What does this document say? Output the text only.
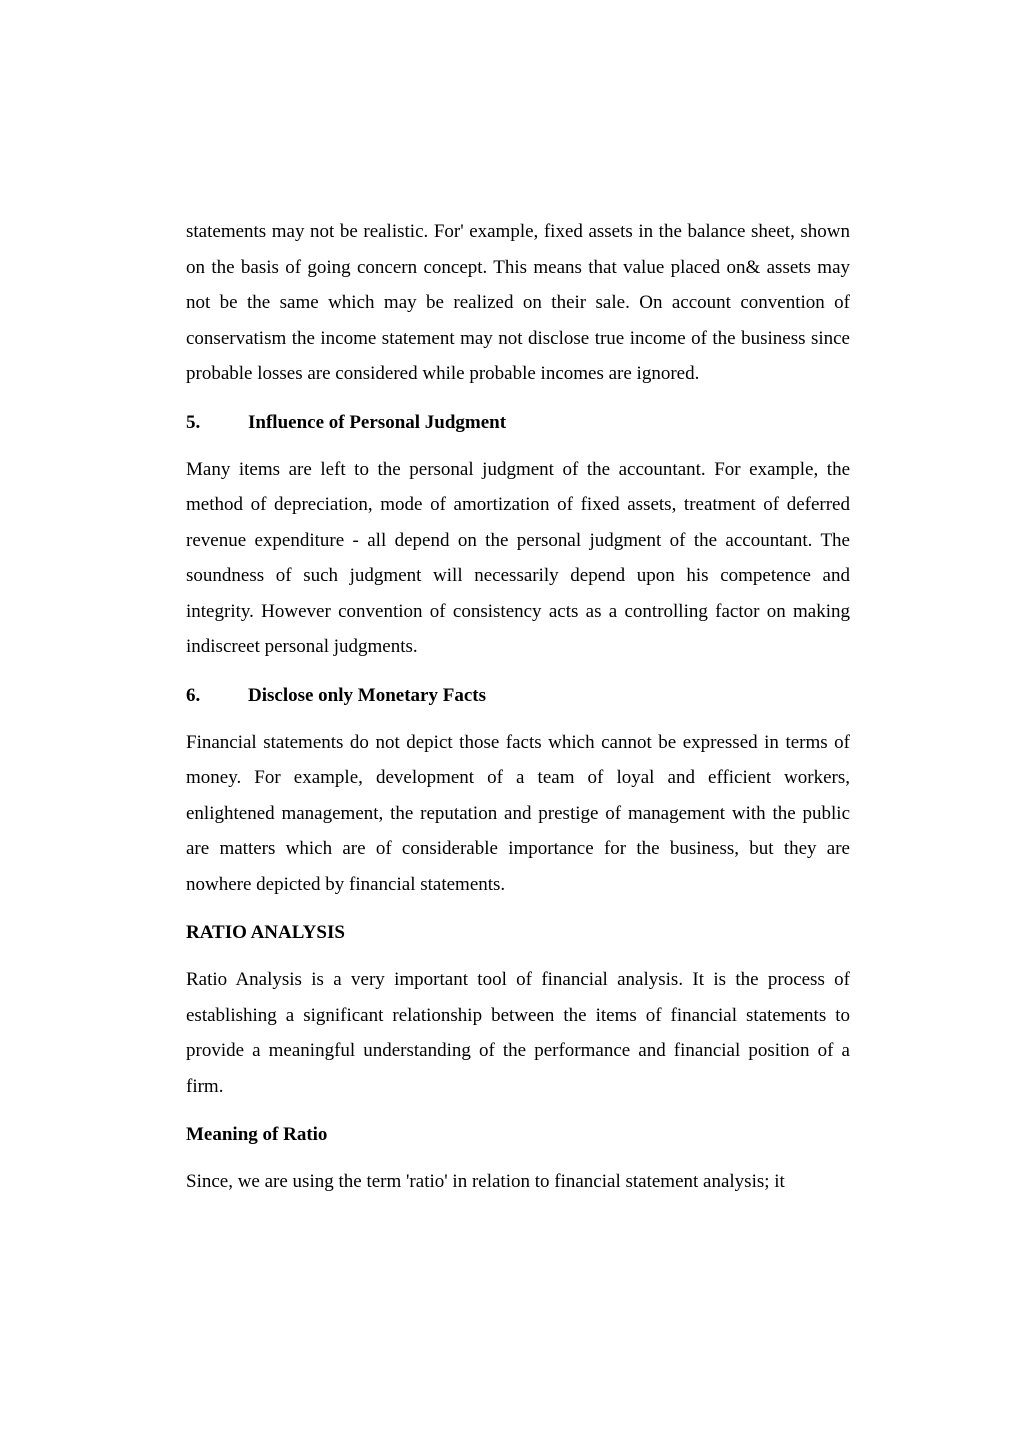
statements may not be realistic. For' example, fixed assets in the balance sheet, shown on the basis of going concern concept. This means that value placed on& assets may not be the same which may be realized on their sale. On account convention of conservatism the income statement may not disclose true income of the business since probable losses are considered while probable incomes are ignored.

5.	Influence of Personal Judgment

Many items are left to the personal judgment of the accountant. For example, the method of depreciation, mode of amortization of fixed assets, treatment of deferred revenue expenditure - all depend on the personal judgment of the accountant. The soundness of such judgment will necessarily depend upon his competence and integrity. However convention of consistency acts as a controlling factor on making indiscreet personal judgments.

6.	Disclose only Monetary Facts

Financial statements do not depict those facts which cannot be expressed in terms of money. For example, development of a team of loyal and efficient workers, enlightened management, the reputation and prestige of management with the public are matters which are of considerable importance for the business, but they are nowhere depicted by financial statements.

RATIO ANALYSIS

Ratio Analysis is a very important tool of financial analysis. It is the process of establishing a significant relationship between the items of financial statements to provide a meaningful understanding of the performance and financial position of a firm.

Meaning of Ratio

Since, we are using the term 'ratio' in relation to financial statement analysis; it
